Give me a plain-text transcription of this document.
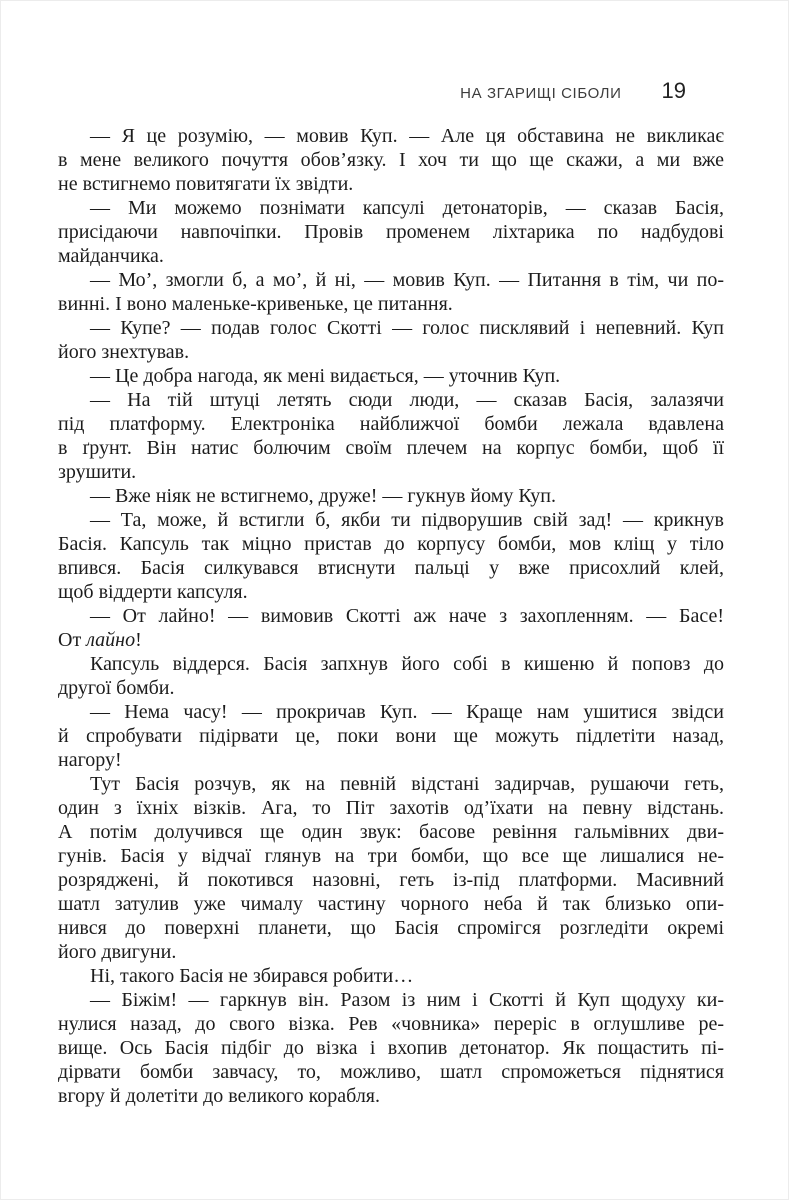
НА ЗГАРИЩІ СІБОЛИ 19
— Я це розумію, — мовив Куп. — Але ця обставина не викликає
в мене великого почуття обов’язку. І хоч ти що ще скажи, а ми вже
не встигнемо повитягати їх звідти.
— Ми можемо познімати капсулі детонаторів, — сказав Басія,
присідаючи навпочіпки. Провів променем ліхтарика по надбудові
майданчика.
— Мо’, змогли б, а мо’, й ні, — мовив Куп. — Питання в тім, чи по-
винні. І воно маленьке-кривеньке, це питання.
— Купе? — подав голос Скотті — голос писклявий і непевний. Куп
його знехтував.
— Це добра нагода, як мені видається, — уточнив Куп.
— На тій штуці летять сюди люди, — сказав Басія, залазячи
під платформу. Електроніка найближчої бомби лежала вдавлена
в ґрунт. Він натис болючим своїм плечем на корпус бомби, щоб її
зрушити.
— Вже ніяк не встигнемо, друже! — гукнув йому Куп.
— Та, може, й встигли б, якби ти підворушив свій зад! — крикнув
Басія. Капсуль так міцно пристав до корпусу бомби, мов кліщ у тіло
впився. Басія силкувався втиснути пальці у вже присохлий клей,
щоб віддерти капсуля.
— От лайно! — вимовив Скотті аж наче з захопленням. — Басе!
От лайно!
Капсуль віддерся. Басія запхнув його собі в кишеню й поповз до
другої бомби.
— Нема часу! — прокричав Куп. — Краще нам ушитися звідси
й спробувати підірвати це, поки вони ще можуть підлетіти назад,
нагору!
Тут Басія розчув, як на певній відстані задирчав, рушаючи геть,
один з їхніх візків. Ага, то Піт захотів од’їхати на певну відстань.
А потім долучився ще один звук: басове ревіння гальмівних дви-
гунів. Басія у відчаї глянув на три бомби, що все ще лишалися не-
розряджені, й покотився назовні, геть із-під платформи. Масивний
шатл затулив уже чималу частину чорного неба й так близько опи-
нився до поверхні планети, що Басія спромігся розгледіти окремі
його двигуни.
Ні, такого Басія не збирався робити…
— Біжім! — гаркнув він. Разом із ним і Скотті й Куп щодуху ки-
нулися назад, до свого візка. Рев «човника» переріс в оглушливе ре-
вище. Ось Басія підбіг до візка і вхопив детонатор. Як пощастить пі-
дірвати бомби завчасу, то, можливо, шатл спроможеться піднятися
вгору й долетіти до великого корабля.
